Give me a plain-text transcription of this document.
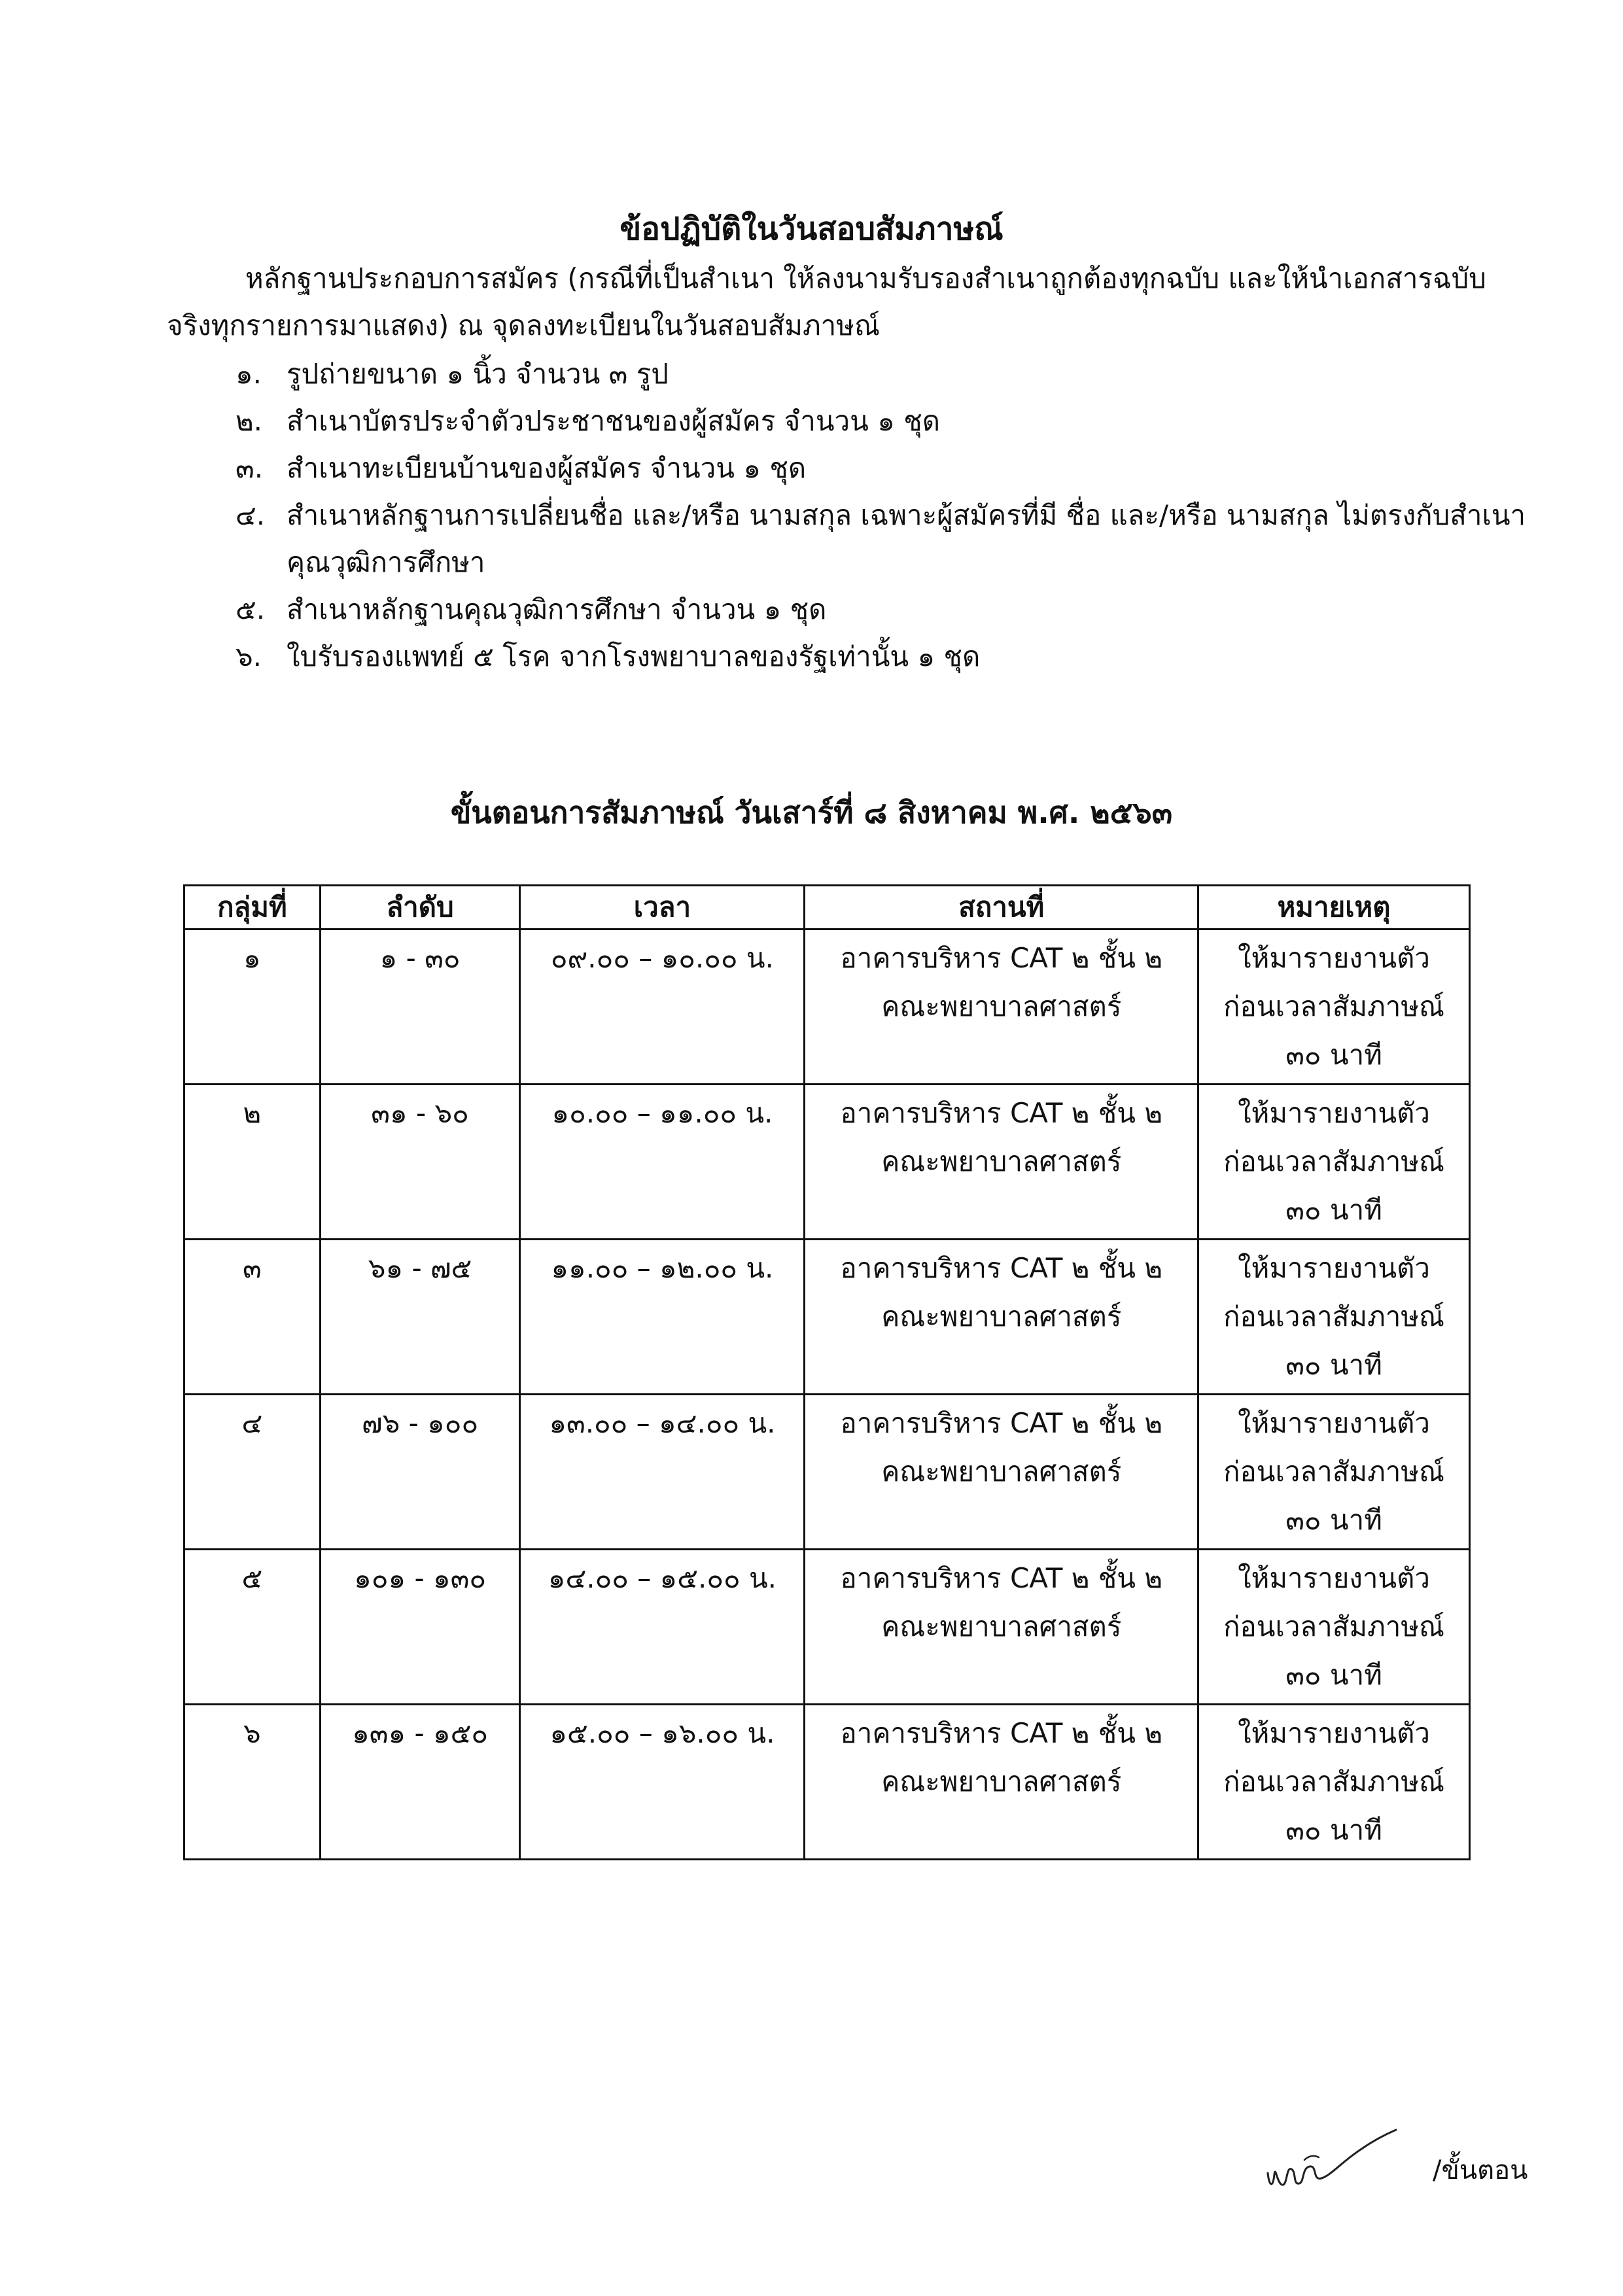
ข้อปฏิบัติในวันสอบสัมภาษณ์
หลักฐานประกอบการสมัคร (กรณีที่เป็นสำเนา ให้ลงนามรับรองสำเนาถูกต้องทุกฉบับ และให้นำเอกสารฉบับจริงทุกรายการมาแสดง) ณ จุดลงทะเบียนในวันสอบสัมภาษณ์
๑. รูปถ่ายขนาด ๑ นิ้ว จำนวน ๓ รูป
๒. สำเนาบัตรประจำตัวประชาชนของผู้สมัคร จำนวน ๑ ชุด
๓. สำเนาทะเบียนบ้านของผู้สมัคร จำนวน ๑ ชุด
๔. สำเนาหลักฐานการเปลี่ยนชื่อ และ/หรือ นามสกุล เฉพาะผู้สมัครที่มี ชื่อ และ/หรือ นามสกุล ไม่ตรงกับสำเนาคุณวุฒิการศึกษา
๕. สำเนาหลักฐานคุณวุฒิการศึกษา จำนวน ๑ ชุด
๖. ใบรับรองแพทย์ ๕ โรค จากโรงพยาบาลของรัฐเท่านั้น ๑ ชุด
ขั้นตอนการสัมภาษณ์ วันเสาร์ที่ ๘ สิงหาคม พ.ศ. ๒๕๖๓
กลุ่มที่	ลำดับ	เวลา	สถานที่	หมายเหตุ
๑	๑ - ๓๐	๐๙.๐๐ – ๑๐.๐๐ น.	อาคารบริหาร CAT ๒ ชั้น ๒
คณะพยาบาลศาสตร์	ให้มารายงานตัว
ก่อนเวลาสัมภาษณ์
๓๐ นาที

๒	๓๑ - ๖๐	๑๐.๐๐ – ๑๑.๐๐ น.	อาคารบริหาร CAT ๒ ชั้น ๒
คณะพยาบาลศาสตร์	ให้มารายงานตัว
ก่อนเวลาสัมภาษณ์
๓๐ นาที

๓	๖๑ - ๗๕	๑๑.๐๐ – ๑๒.๐๐ น.	อาคารบริหาร CAT ๒ ชั้น ๒
คณะพยาบาลศาสตร์	ให้มารายงานตัว
ก่อนเวลาสัมภาษณ์
๓๐ นาที

๔	๗๖ - ๑๐๐	๑๓.๐๐ – ๑๔.๐๐ น.	อาคารบริหาร CAT ๒ ชั้น ๒
คณะพยาบาลศาสตร์	ให้มารายงานตัว
ก่อนเวลาสัมภาษณ์
๓๐ นาที

๕	๑๐๑ - ๑๓๐	๑๔.๐๐ – ๑๕.๐๐ น.	อาคารบริหาร CAT ๒ ชั้น ๒
คณะพยาบาลศาสตร์	ให้มารายงานตัว
ก่อนเวลาสัมภาษณ์
๓๐ นาที

๖	๑๓๑ - ๑๕๐	๑๕.๐๐ – ๑๖.๐๐ น.	อาคารบริหาร CAT ๒ ชั้น ๒
คณะพยาบาลศาสตร์	ให้มารายงานตัว
ก่อนเวลาสัมภาษณ์
๓๐ นาที
/ขั้นตอน
